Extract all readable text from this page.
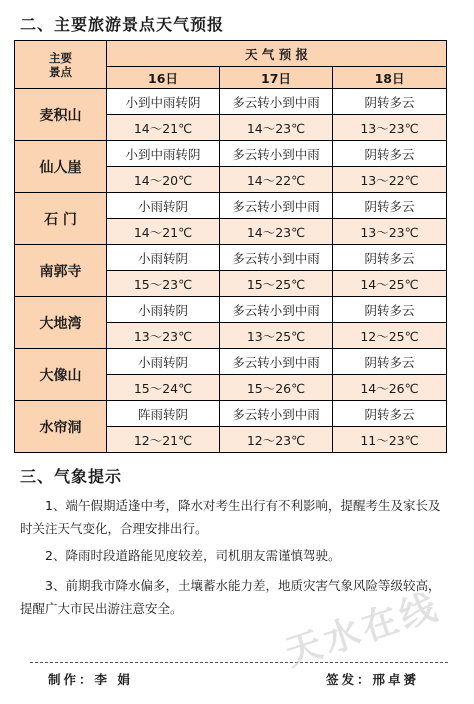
二、主要旅游景点天气预报
主要
景点	天 气 预 报		
	16日	17日	18日
麦积山	小到中雨转阴	多云转小到中雨	阴转多云
	14～21℃	14～23℃	13～23℃
仙人崖	小到中雨转阴	多云转小到中雨	阴转多云
	14～20℃	14～22℃	13～22℃
石 门	小雨转阴	多云转小到中雨	阴转多云
	14～21℃	14～23℃	13～23℃
南郭寺	小雨转阴	多云转小到中雨	阴转多云
	15～23℃	15～25℃	14～25℃
大地湾	小雨转阴	多云转小到中雨	阴转多云
	13～23℃	13～25℃	12～25℃
大像山	小雨转阴	多云转小到中雨	阴转多云
	15～24℃	15～26℃	14～26℃
水帘洞	阵雨转阴	多云转小到中雨	阴转多云
	12～21℃	12～23℃	11～23℃
三、气象提示
1、端午假期适逢中考，降水对考生出行有不利影响，提醒考生及家长及时关注天气变化，合理安排出行。
2、降雨时段道路能见度较差，司机朋友需谨慎驾驶。
3、前期我市降水偏多，土壤蓄水能力差，地质灾害气象风险等级较高，提醒广大市民出游注意安全。
制作：李 娟	签发：邢卓赟
天水在线
